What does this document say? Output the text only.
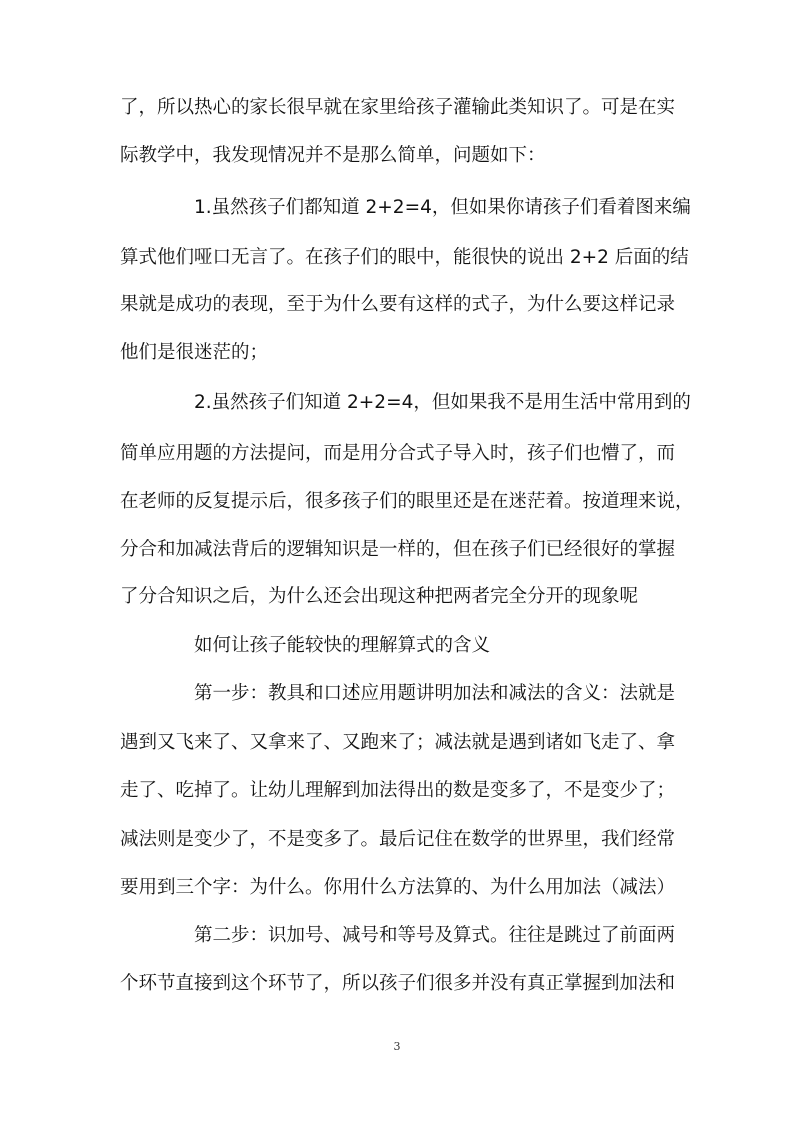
了，所以热心的家长很早就在家里给孩子灌输此类知识了。可是在实
际教学中，我发现情况并不是那么简单，问题如下：
1.虽然孩子们都知道 2+2=4，但如果你请孩子们看着图来编
算式他们哑口无言了。在孩子们的眼中，能很快的说出 2+2 后面的结
果就是成功的表现，至于为什么要有这样的式子，为什么要这样记录
他们是很迷茫的；
2.虽然孩子们知道 2+2=4，但如果我不是用生活中常用到的
简单应用题的方法提问，而是用分合式子导入时，孩子们也懵了，而
在老师的反复提示后，很多孩子们的眼里还是在迷茫着。按道理来说，
分合和加减法背后的逻辑知识是一样的，但在孩子们已经很好的掌握
了分合知识之后，为什么还会出现这种把两者完全分开的现象呢
如何让孩子能较快的理解算式的含义
第一步：教具和口述应用题讲明加法和减法的含义：法就是
遇到又飞来了、又拿来了、又跑来了；减法就是遇到诸如飞走了、拿
走了、吃掉了。让幼儿理解到加法得出的数是变多了，不是变少了；
减法则是变少了，不是变多了。最后记住在数学的世界里，我们经常
要用到三个字：为什么。你用什么方法算的、为什么用加法（减法）
第二步：识加号、减号和等号及算式。往往是跳过了前面两
个环节直接到这个环节了，所以孩子们很多并没有真正掌握到加法和
3
